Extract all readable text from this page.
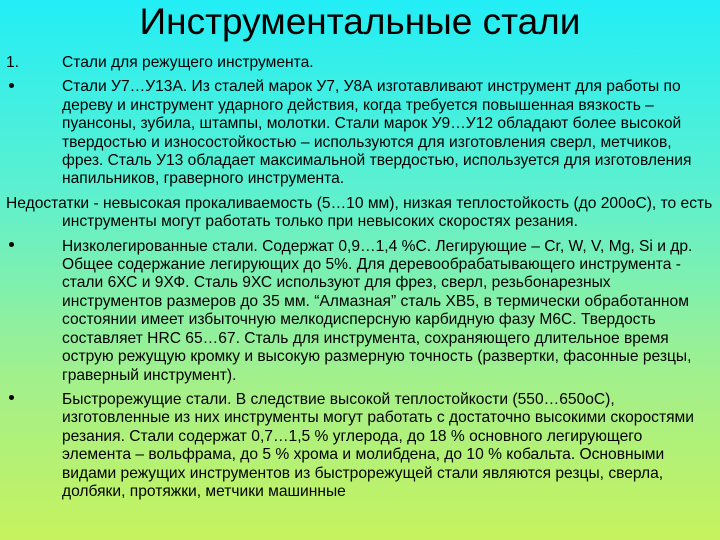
Инструментальные стали
1.	Стали для режущего инструмента.
Стали У7…У13А. Из сталей марок У7, У8А изготавливают инструмент для работы по дереву и инструмент ударного действия, когда требуется повышенная вязкость – пуансоны, зубила, штампы, молотки. Стали марок У9…У12 обладают более высокой твердостью и износостойкостью – используются для изготовления сверл, метчиков, фрез. Сталь У13 обладает максимальной твердостью, используется для изготовления напильников, граверного инструмента.
Недостатки - невысокая прокаливаемость (5…10 мм), низкая теплостойкость (до 200оС), то есть инструменты могут работать только при невысоких скоростях резания.
Низколегированные стали. Содержат 0,9…1,4 %С. Легирующие – Cr, W, V, Mg, Si и др. Общее содержание легирующих до 5%. Для деревообрабатывающего инструмента - стали 6ХС и 9ХФ. Сталь 9ХС используют для фрез, сверл, резьбонарезных инструментов размеров до 35 мм. “Алмазная” сталь ХВ5, в термически обработанном состоянии имеет избыточную мелкодисперсную карбидную фазу М6С. Твердость составляет HRC 65…67. Сталь для инструмента, сохраняющего длительное время острую режущую кромку и высокую размерную точность (развертки, фасонные резцы, граверный инструмент).
Быстрорежущие стали. В следствие высокой теплостойкости (550…650оС), изготовленные из них инструменты могут работать с достаточно высокими скоростями резания. Стали содержат 0,7…1,5 % углерода, до 18 % основного легирующего элемента – вольфрама, до 5 % хрома и молибдена, до 10 % кобальта. Основными видами режущих инструментов из быстрорежущей стали являются резцы, сверла, долбяки, протяжки, метчики машинные
